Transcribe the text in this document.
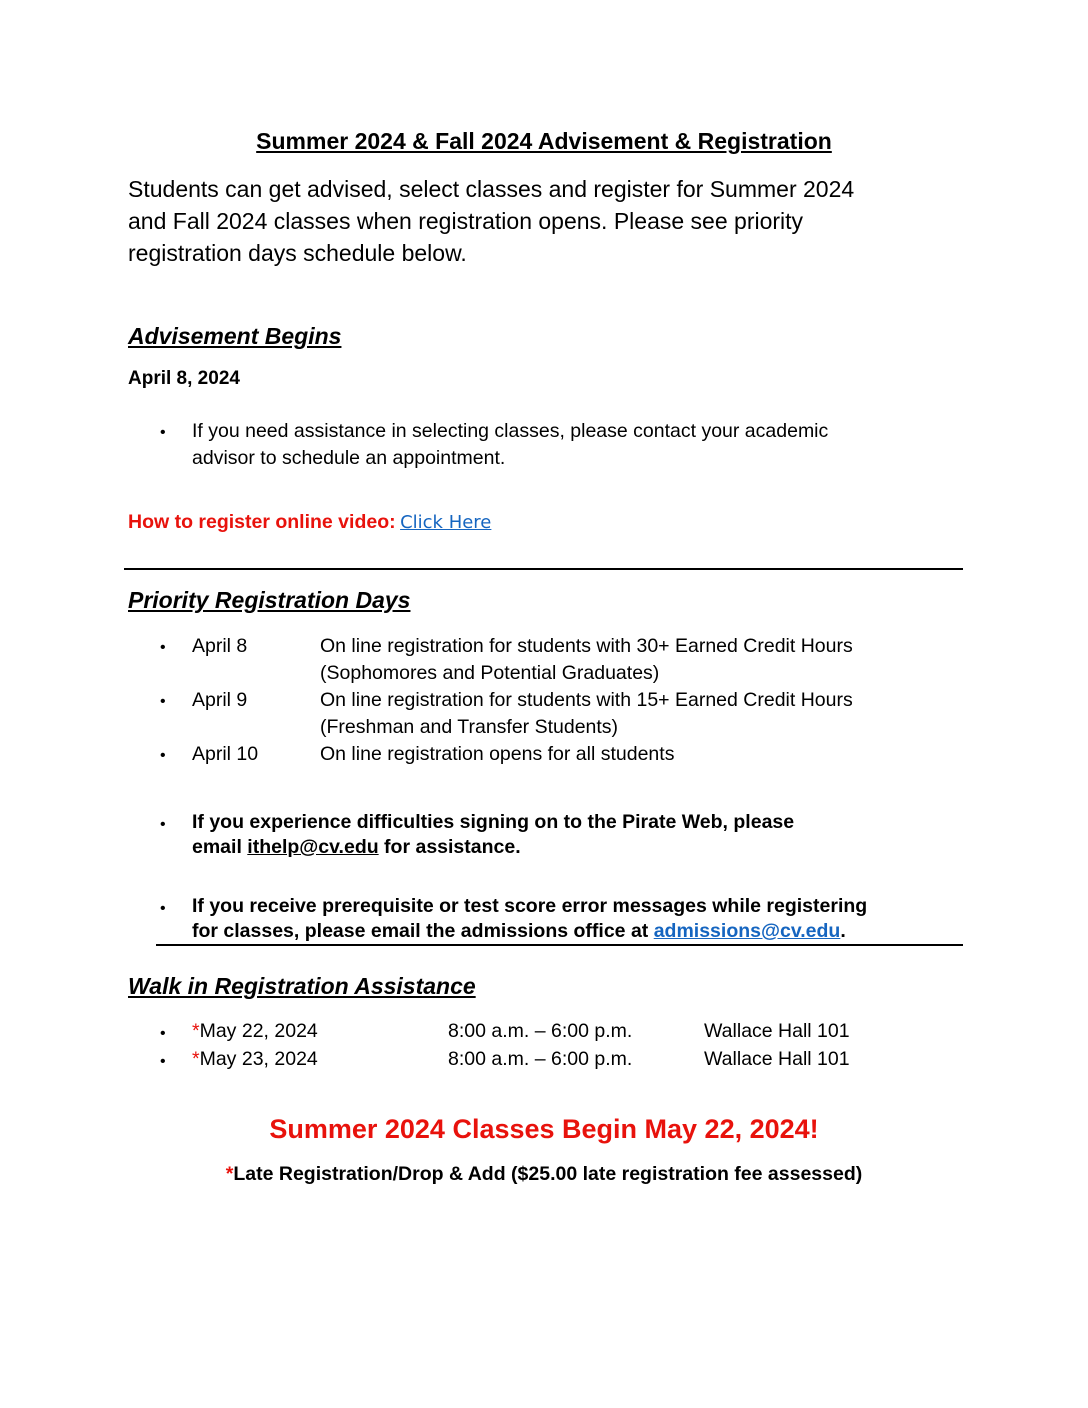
Summer 2024 & Fall 2024 Advisement & Registration
Students can get advised, select classes and register for Summer 2024
and Fall 2024 classes when registration opens. Please see priority
registration days schedule below.
Advisement Begins
April 8, 2024
• If you need assistance in selecting classes, please contact your academic
advisor to schedule an appointment.
How to register online video: Click Here
Priority Registration Days
• April 8	On line registration for students with 30+ Earned Credit Hours
(Sophomores and Potential Graduates)
• April 9	On line registration for students with 15+ Earned Credit Hours
(Freshman and Transfer Students)
• April 10	On line registration opens for all students
• If you experience difficulties signing on to the Pirate Web, please
email ithelp@cv.edu for assistance.
• If you receive prerequisite or test score error messages while registering
for classes, please email the admissions office at admissions@cv.edu.
Walk in Registration Assistance
• *May 22, 2024	8:00 a.m. – 6:00 p.m.	Wallace Hall 101
• *May 23, 2024	8:00 a.m. – 6:00 p.m.	Wallace Hall 101
Summer 2024 Classes Begin May 22, 2024!
*Late Registration/Drop & Add ($25.00 late registration fee assessed)
